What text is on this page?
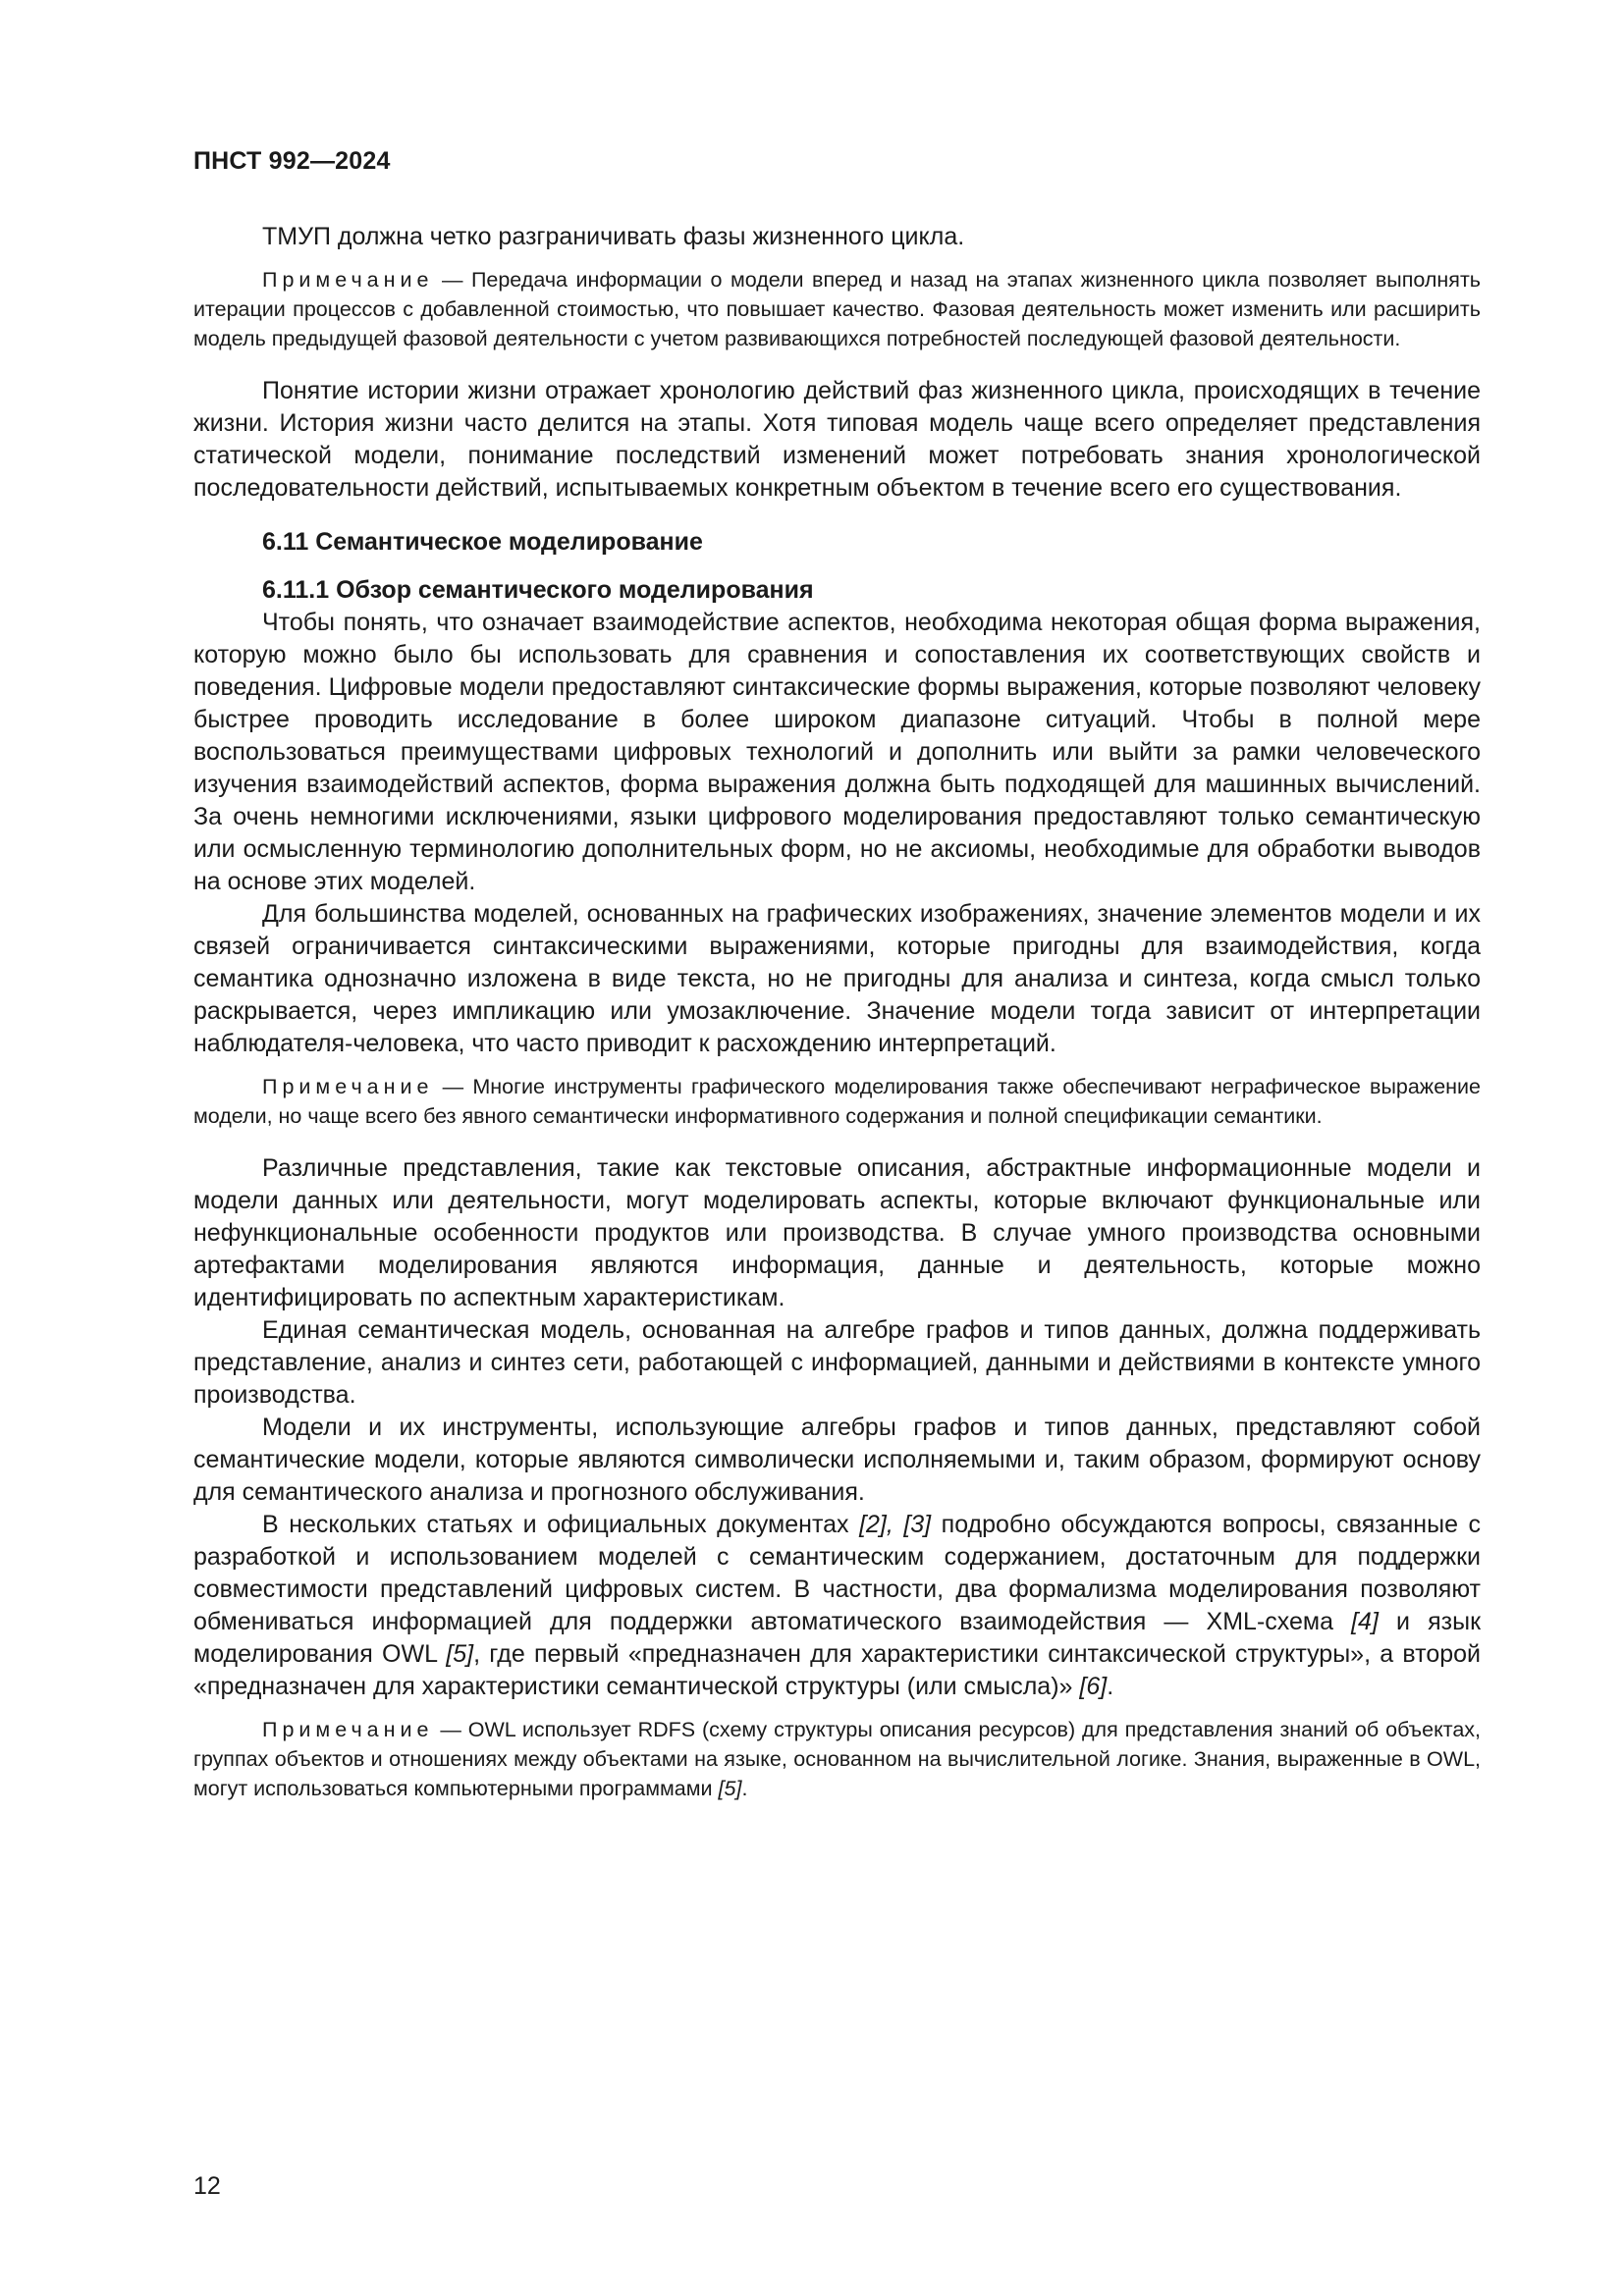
ПНСТ 992—2024

ТМУП должна четко разграничивать фазы жизненного цикла.

Примечание — Передача информации о модели вперед и назад на этапах жизненного цикла позволяет выполнять итерации процессов с добавленной стоимостью, что повышает качество. Фазовая деятельность может изменить или расширить модель предыдущей фазовой деятельности с учетом развивающихся потребностей последующей фазовой деятельности.

Понятие истории жизни отражает хронологию действий фаз жизненного цикла, происходящих в течение жизни. История жизни часто делится на этапы. Хотя типовая модель чаще всего определяет представления статической модели, понимание последствий изменений может потребовать знания хронологической последовательности действий, испытываемых конкретным объектом в течение всего его существования.

6.11 Семантическое моделирование

6.11.1 Обзор семантического моделирования

Чтобы понять, что означает взаимодействие аспектов, необходима некоторая общая форма выражения, которую можно было бы использовать для сравнения и сопоставления их соответствующих свойств и поведения. Цифровые модели предоставляют синтаксические формы выражения, которые позволяют человеку быстрее проводить исследование в более широком диапазоне ситуаций. Чтобы в полной мере воспользоваться преимуществами цифровых технологий и дополнить или выйти за рамки человеческого изучения взаимодействий аспектов, форма выражения должна быть подходящей для машинных вычислений. За очень немногими исключениями, языки цифрового моделирования предоставляют только семантическую или осмысленную терминологию дополнительных форм, но не аксиомы, необходимые для обработки выводов на основе этих моделей.

Для большинства моделей, основанных на графических изображениях, значение элементов модели и их связей ограничивается синтаксическими выражениями, которые пригодны для взаимодействия, когда семантика однозначно изложена в виде текста, но не пригодны для анализа и синтеза, когда смысл только раскрывается, через импликацию или умозаключение. Значение модели тогда зависит от интерпретации наблюдателя-человека, что часто приводит к расхождению интерпретаций.

Примечание — Многие инструменты графического моделирования также обеспечивают неграфическое выражение модели, но чаще всего без явного семантически информативного содержания и полной спецификации семантики.

Различные представления, такие как текстовые описания, абстрактные информационные модели и модели данных или деятельности, могут моделировать аспекты, которые включают функциональные или нефункциональные особенности продуктов или производства. В случае умного производства основными артефактами моделирования являются информация, данные и деятельность, которые можно идентифицировать по аспектным характеристикам.

Единая семантическая модель, основанная на алгебре графов и типов данных, должна поддерживать представление, анализ и синтез сети, работающей с информацией, данными и действиями в контексте умного производства.

Модели и их инструменты, использующие алгебры графов и типов данных, представляют собой семантические модели, которые являются символически исполняемыми и, таким образом, формируют основу для семантического анализа и прогнозного обслуживания.

В нескольких статьях и официальных документах [2], [3] подробно обсуждаются вопросы, связанные с разработкой и использованием моделей с семантическим содержанием, достаточным для поддержки совместимости представлений цифровых систем. В частности, два формализма моделирования позволяют обмениваться информацией для поддержки автоматического взаимодействия — XML-схема [4] и язык моделирования OWL [5], где первый «предназначен для характеристики синтаксической структуры», а второй «предназначен для характеристики семантической структуры (или смысла)» [6].

Примечание — OWL использует RDFS (схему структуры описания ресурсов) для представления знаний об объектах, группах объектов и отношениях между объектами на языке, основанном на вычислительной логике. Знания, выраженные в OWL, могут использоваться компьютерными программами [5].

12
